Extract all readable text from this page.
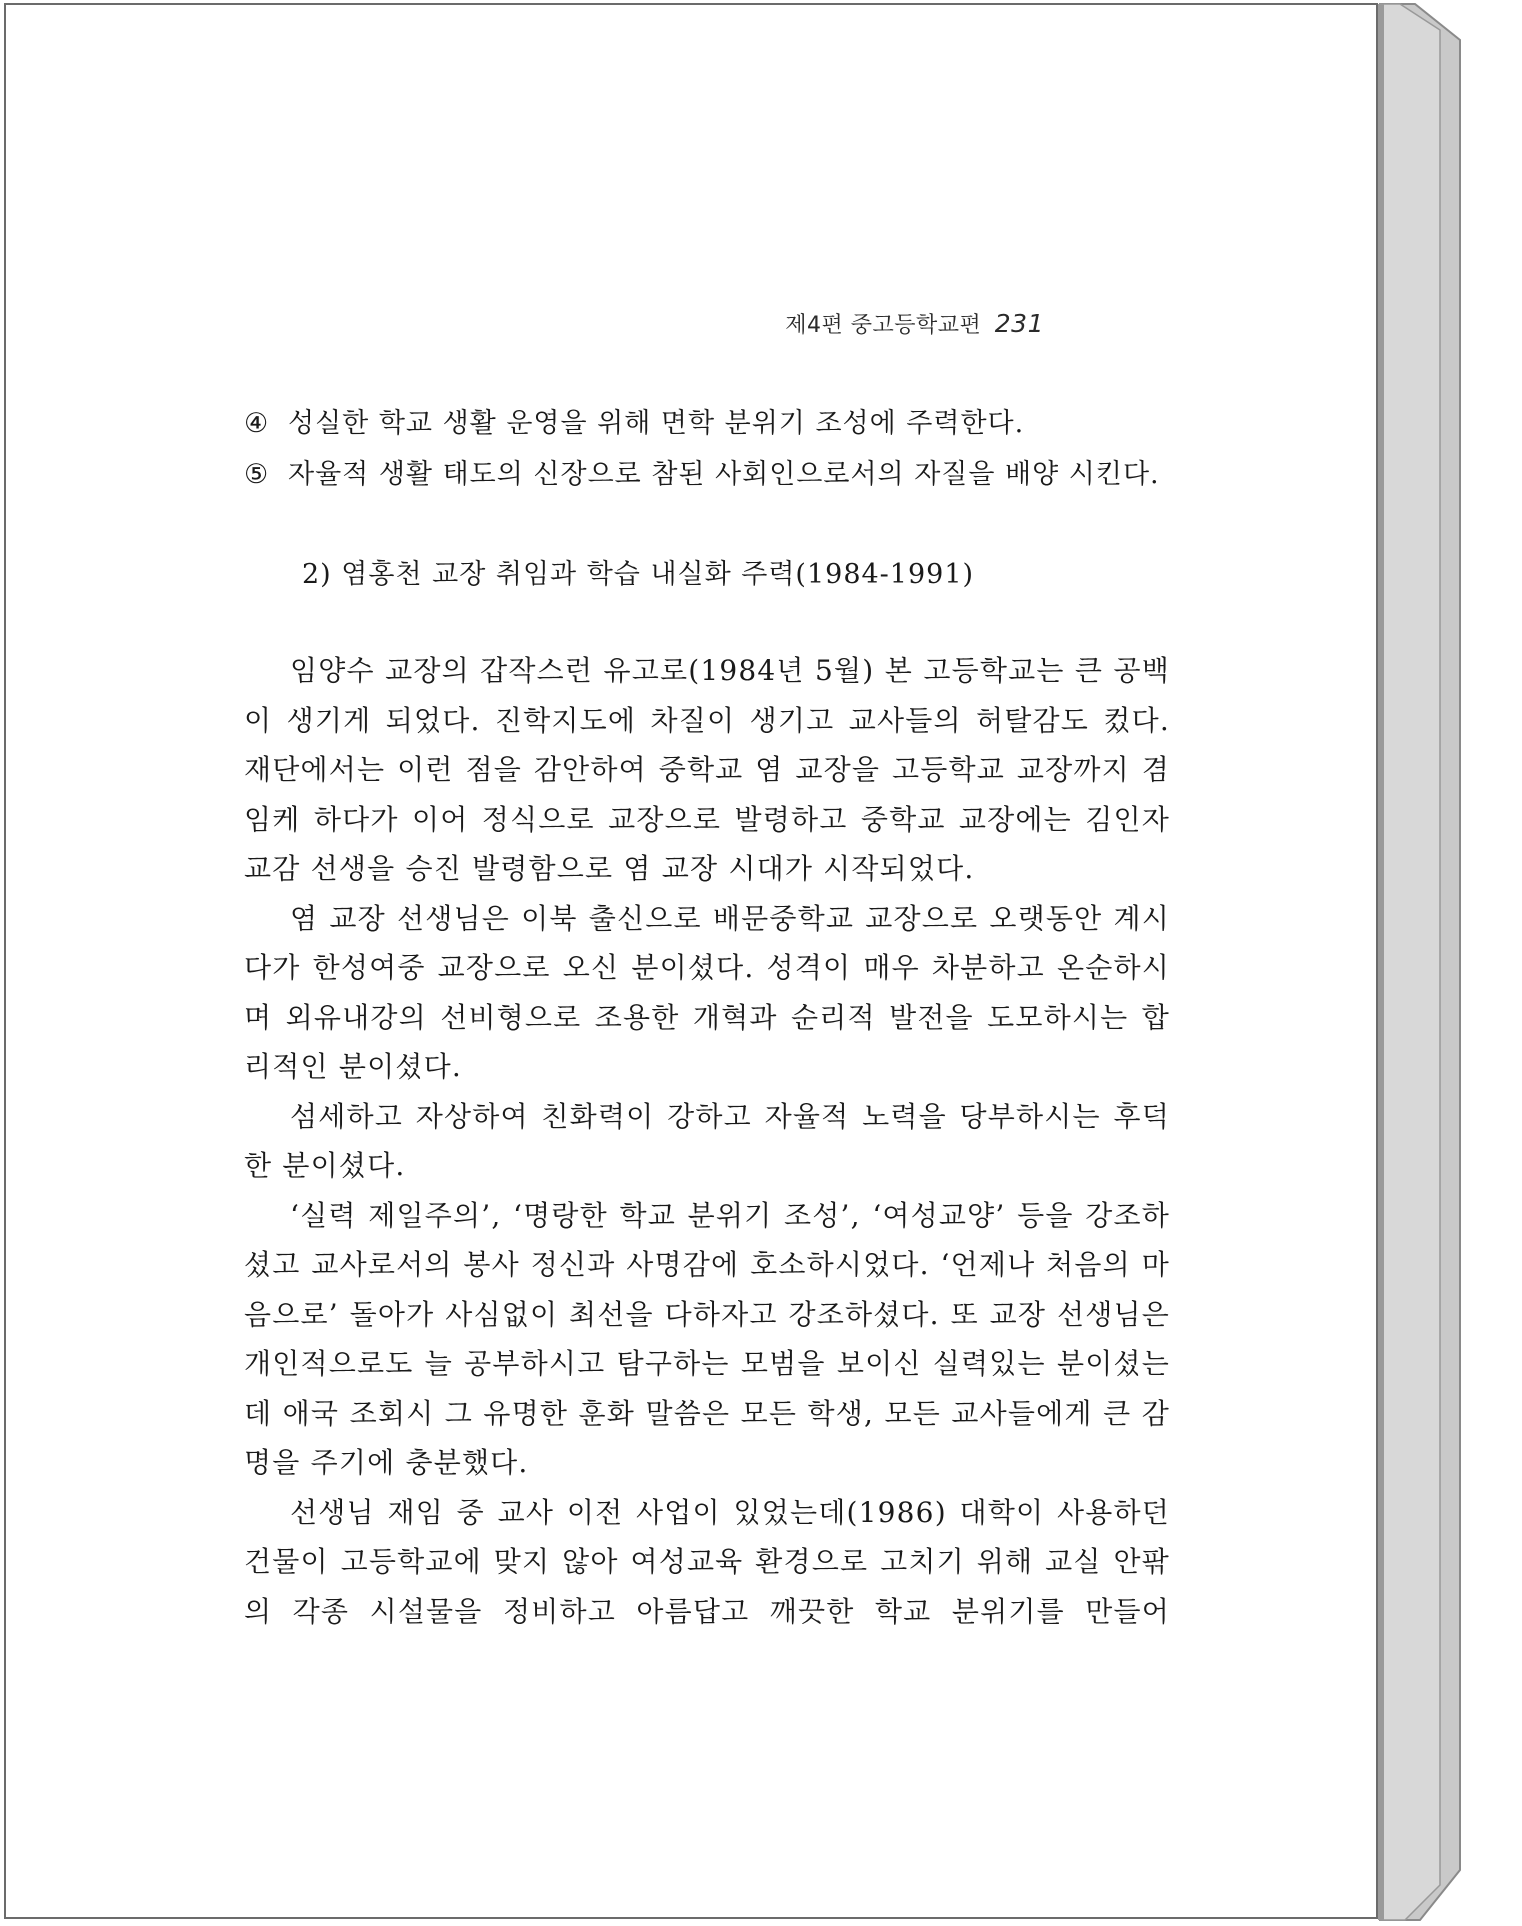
제4편 중고등학교편 231
④ 성실한 학교 생활 운영을 위해 면학 분위기 조성에 주력한다.
⑤ 자율적 생활 태도의 신장으로 참된 사회인으로서의 자질을 배양 시킨다.
2) 염홍천 교장 취임과 학습 내실화 주력(1984-1991)

임양수 교장의 갑작스런 유고로(1984년 5월) 본 고등학교는 큰 공백이 생기게 되었다. 진학지도에 차질이 생기고 교사들의 허탈감도 컸다. 재단에서는 이런 점을 감안하여 중학교 염 교장을 고등학교 교장까지 겸임케 하다가 이어 정식으로 교장으로 발령하고 중학교 교장에는 김인자 교감 선생을 승진 발령함으로 염 교장 시대가 시작되었다.

염 교장 선생님은 이북 출신으로 배문중학교 교장으로 오랫동안 계시다가 한성여중 교장으로 오신 분이셨다. 성격이 매우 차분하고 온순하시며 외유내강의 선비형으로 조용한 개혁과 순리적 발전을 도모하시는 합리적인 분이셨다.

섬세하고 자상하여 친화력이 강하고 자율적 노력을 당부하시는 후덕한 분이셨다.

‘실력 제일주의’, ‘명랑한 학교 분위기 조성’, ‘여성교양’ 등을 강조하셨고 교사로서의 봉사 정신과 사명감에 호소하시었다. ‘언제나 처음의 마음으로’ 돌아가 사심없이 최선을 다하자고 강조하셨다. 또 교장 선생님은 개인적으로도 늘 공부하시고 탐구하는 모범을 보이신 실력있는 분이셨는데 애국 조회시 그 유명한 훈화 말씀은 모든 학생, 모든 교사들에게 큰 감명을 주기에 충분했다.

선생님 재임 중 교사 이전 사업이 있었는데(1986) 대학이 사용하던 건물이 고등학교에 맞지 않아 여성교육 환경으로 고치기 위해 교실 안팎의 각종 시설물을 정비하고 아름답고 깨끗한 학교 분위기를 만들어
